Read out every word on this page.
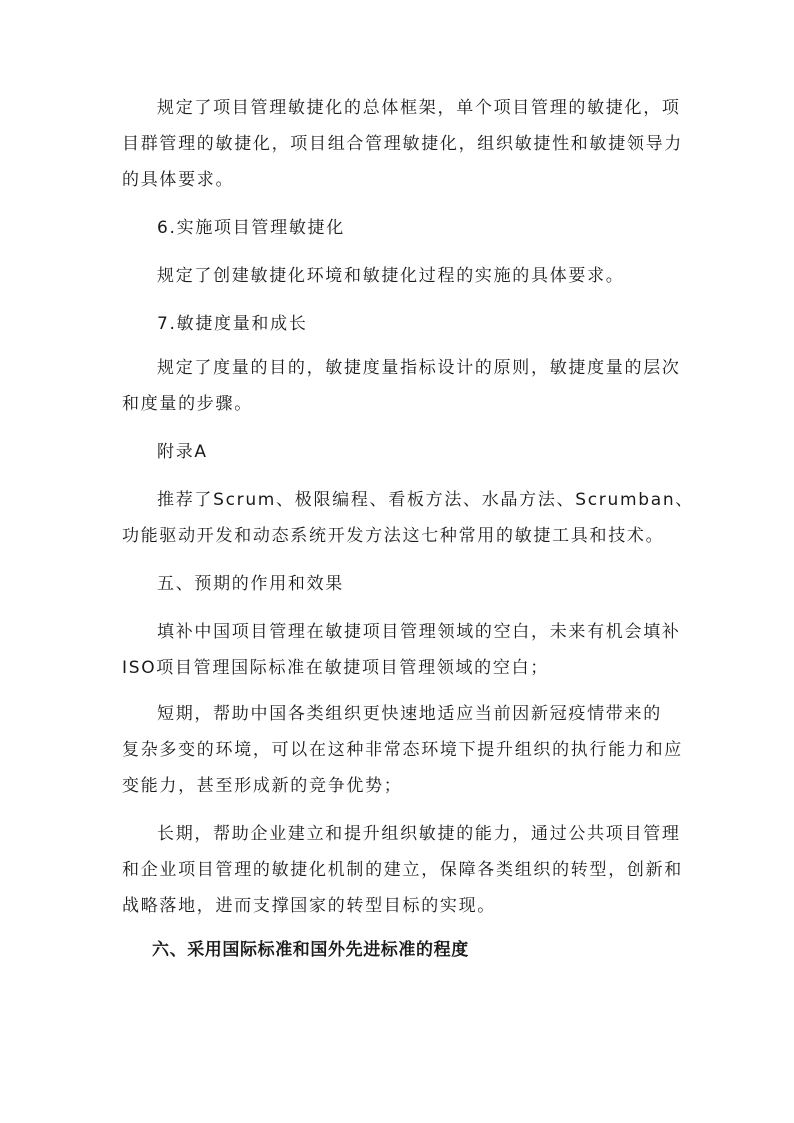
规定了项目管理敏捷化的总体框架，单个项目管理的敏捷化，项
目群管理的敏捷化，项目组合管理敏捷化，组织敏捷性和敏捷领导力
的具体要求。
6.实施项目管理敏捷化
规定了创建敏捷化环境和敏捷化过程的实施的具体要求。
7.敏捷度量和成长
规定了度量的目的，敏捷度量指标设计的原则，敏捷度量的层次
和度量的步骤。
附录A
推荐了Scrum、极限编程、看板方法、水晶方法、Scrumban、
功能驱动开发和动态系统开发方法这七种常用的敏捷工具和技术。
五、预期的作用和效果
填补中国项目管理在敏捷项目管理领域的空白，未来有机会填补
ISO项目管理国际标准在敏捷项目管理领域的空白；
短期，帮助中国各类组织更快速地适应当前因新冠疫情带来的
复杂多变的环境，可以在这种非常态环境下提升组织的执行能力和应
变能力，甚至形成新的竞争优势；
长期，帮助企业建立和提升组织敏捷的能力，通过公共项目管理
和企业项目管理的敏捷化机制的建立，保障各类组织的转型，创新和
战略落地，进而支撑国家的转型目标的实现。
六、采用国际标准和国外先进标准的程度
